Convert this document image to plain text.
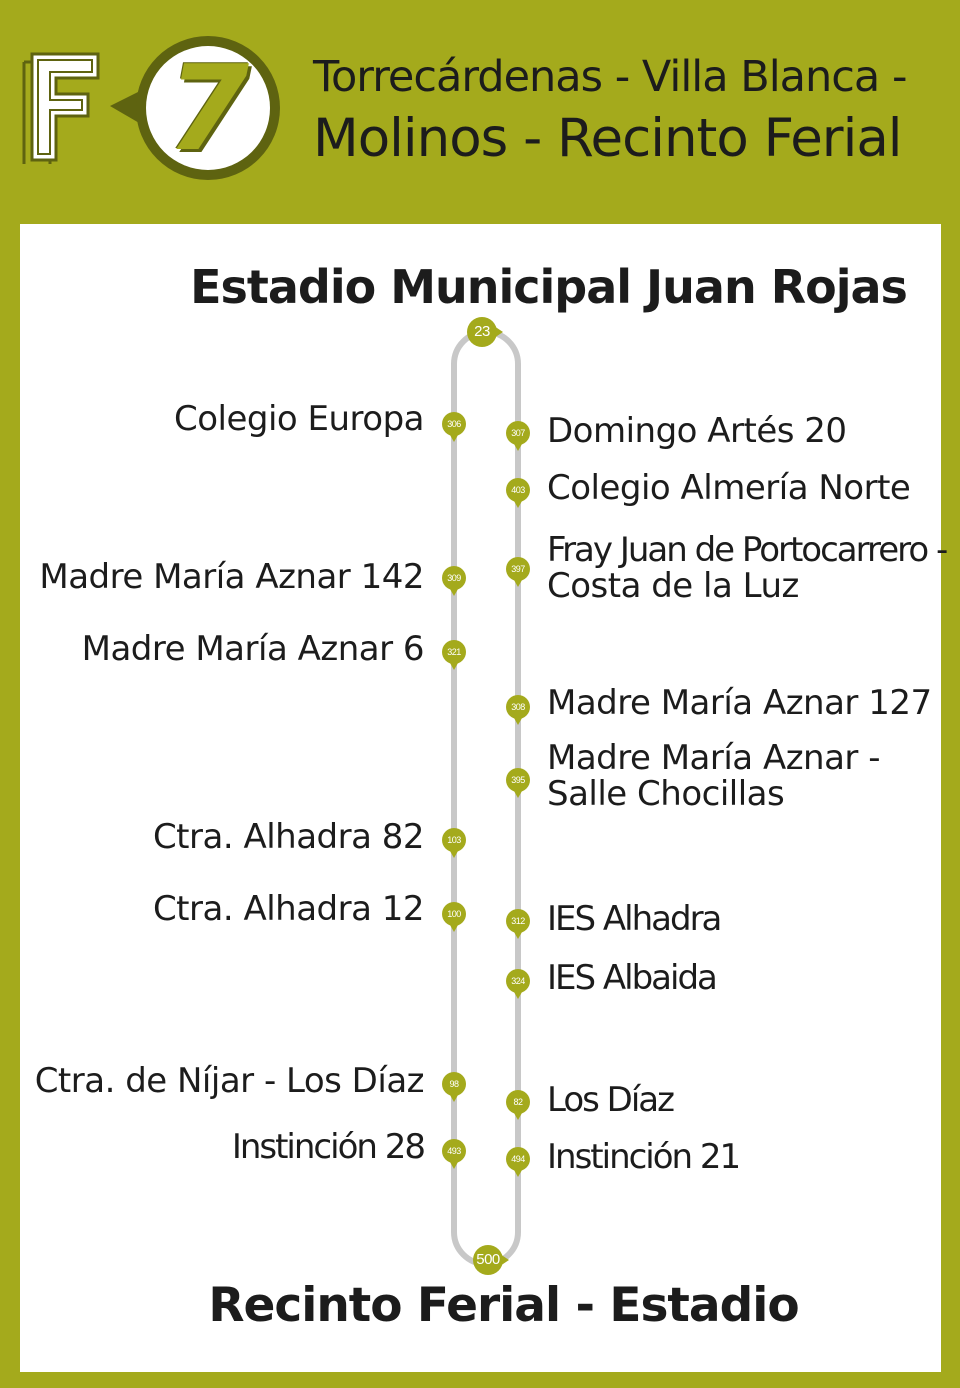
7	Torrecárdenas - Villa Blanca -
Molinos - Recinto Ferial
Estadio Municipal Juan Rojas
23
500
306
Colegio Europa
309
Madre María Aznar 142
321
Madre María Aznar 6
103
Ctra. Alhadra 82
100
Ctra. Alhadra 12
98
Ctra. de Níjar - Los Díaz
493
Instinción 28
307 Domingo Artés 20
403 Colegio Almería Norte
397 Fray Juan de Portocarrero -
Costa de la Luz
308 Madre María Aznar 127
395
Madre María Aznar -
Salle Chocillas
312 IES Alhadra
324 IES Albaida
82 Los Díaz
494 Instinción 21
Recinto Ferial - Estadio
